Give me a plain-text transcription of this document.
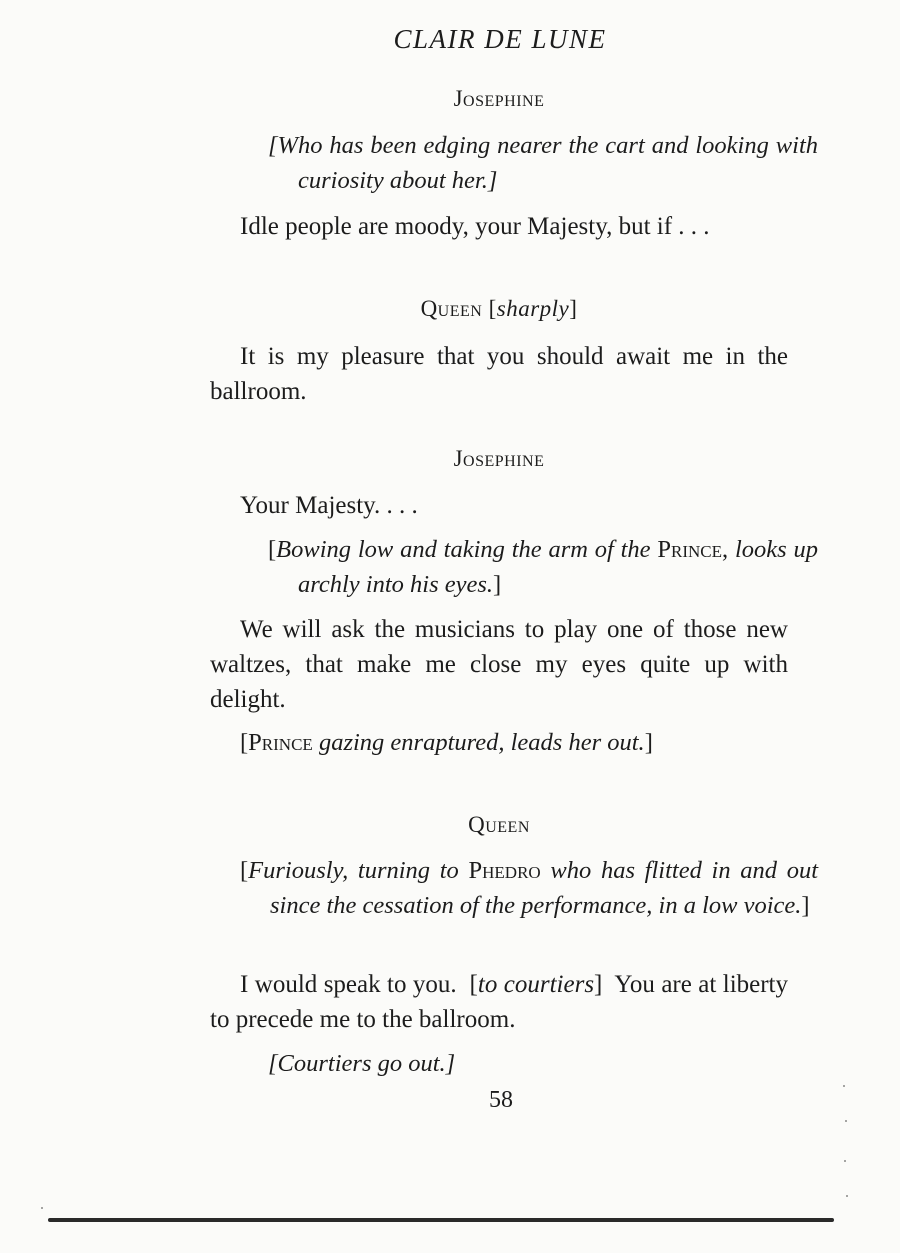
CLAIR DE LUNE
Josephine
[Who has been edging nearer the cart and looking with curiosity about her.]
Idle people are moody, your Majesty, but if . . .
Queen [sharply]
It is my pleasure that you should await me in the ballroom.
Josephine
Your Majesty. . . .
[Bowing low and taking the arm of the Prince, looks up archly into his eyes.]
We will ask the musicians to play one of those new waltzes, that make me close my eyes quite up with delight.
[Prince gazing enraptured, leads her out.]
Queen
[Furiously, turning to Phedro who has flitted in and out since the cessation of the performance, in a low voice.]
I would speak to you.  [to courtiers]  You are at liberty to precede me to the ballroom.
[Courtiers go out.]
58
